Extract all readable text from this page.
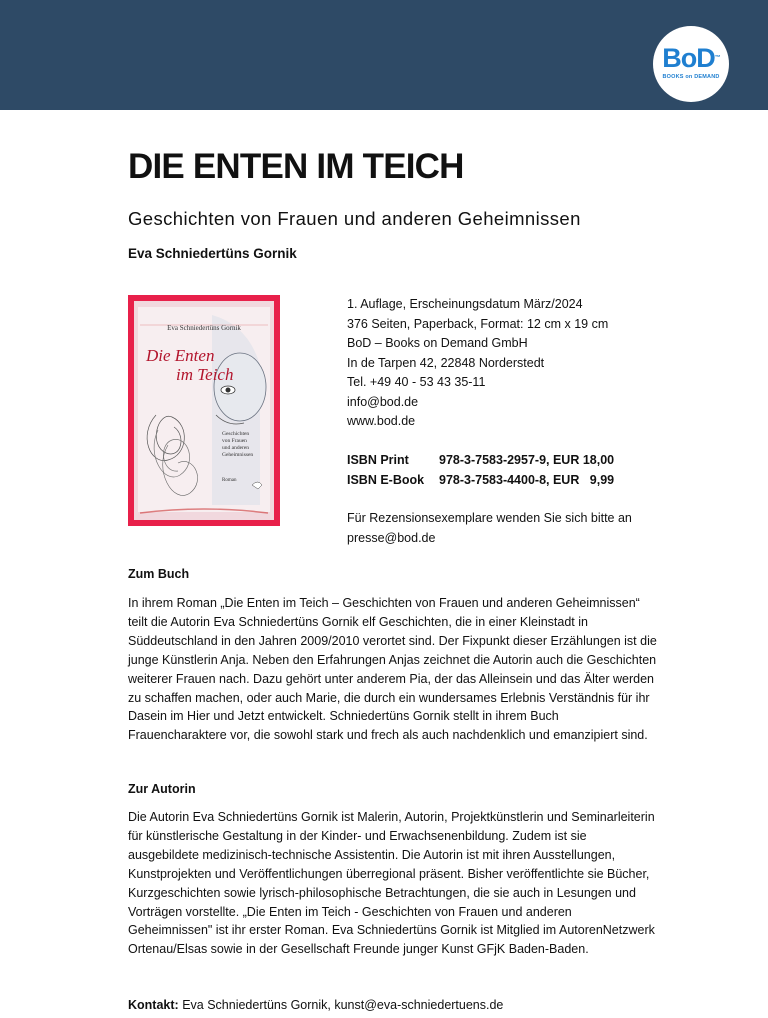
BoD™
BOOKS on DEMAND
DIE ENTEN IM TEICH
Geschichten von Frauen und anderen Geheimnissen
Eva Schniedertüns Gornik
Eva Schniedertüns Gornik
Die Enten
im Teich
Geschichten
von Frauen
und anderen
Geheimnissen
Roman
1. Auflage, Erscheinungsdatum März/2024
376 Seiten, Paperback, Format: 12 cm x 19 cm
BoD – Books on Demand GmbH
In de Tarpen 42, 22848 Norderstedt
Tel. +49 40 - 53 43 35-11
info@bod.de
www.bod.de
ISBN Print 978-3-7583-2957-9, EUR 18,00
ISBN E-Book 978-3-7583-4400-8, EUR   9,99
Für Rezensionsexemplare wenden Sie sich bitte an
presse@bod.de
Zum Buch
In ihrem Roman „Die Enten im Teich – Geschichten von Frauen und anderen Geheimnissen“
teilt die Autorin Eva Schniedertüns Gornik elf Geschichten, die in einer Kleinstadt in
Süddeutschland in den Jahren 2009/2010 verortet sind. Der Fixpunkt dieser Erzählungen ist die
junge Künstlerin Anja. Neben den Erfahrungen Anjas zeichnet die Autorin auch die Geschichten
weiterer Frauen nach. Dazu gehört unter anderem Pia, der das Alleinsein und das Älter werden
zu schaffen machen, oder auch Marie, die durch ein wundersames Erlebnis Verständnis für ihr
Dasein im Hier und Jetzt entwickelt. Schniedertüns Gornik stellt in ihrem Buch
Frauencharaktere vor, die sowohl stark und frech als auch nachdenklich und emanzipiert sind.
Zur Autorin
Die Autorin Eva Schniedertüns Gornik ist Malerin, Autorin, Projektkünstlerin und Seminarleiterin
für künstlerische Gestaltung in der Kinder- und Erwachsenenbildung. Zudem ist sie
ausgebildete medizinisch-technische Assistentin. Die Autorin ist mit ihren Ausstellungen,
Kunstprojekten und Veröffentlichungen überregional präsent. Bisher veröffentlichte sie Bücher,
Kurzgeschichten sowie lyrisch-philosophische Betrachtungen, die sie auch in Lesungen und
Vorträgen vorstellte. „Die Enten im Teich - Geschichten von Frauen und anderen
Geheimnissen" ist ihr erster Roman. Eva Schniedertüns Gornik ist Mitglied im AutorenNetzwerk
Ortenau/Elsas sowie in der Gesellschaft Freunde junger Kunst GFjK Baden-Baden.
Kontakt: Eva Schniedertüns Gornik, kunst@eva-schniedertuens.de
